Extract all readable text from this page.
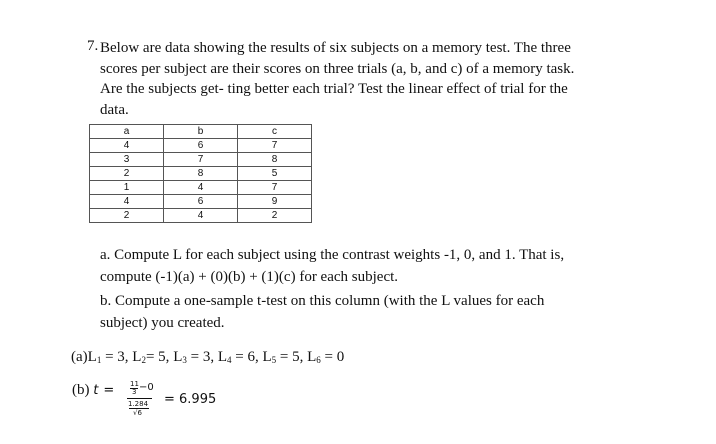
7. Below are data showing the results of six subjects on a memory test. The three
scores per subject are their scores on three trials (a, b, and c) of a memory task.
Are the subjects get- ting better each trial? Test the linear effect of trial for the
data.
a	b	c
4	6	7
3	7	8
2	8	5
1	4	7
4	6	9
2	4	2
a. Compute L for each subject using the contrast weights -1, 0, and 1. That is,
compute (-1)(a) + (0)(b) + (1)(c) for each subject.
b. Compute a one-sample t-test on this column (with the L values for each
subject) you created.
$(a)L_1 = 3$, $L_2= 5$, $L_3 = 3$, $L_4 = 6$, $L_5 = 5$, $L_6 = 0$
(b) t = 11
3 −0
1.284
√6
= 6.995
